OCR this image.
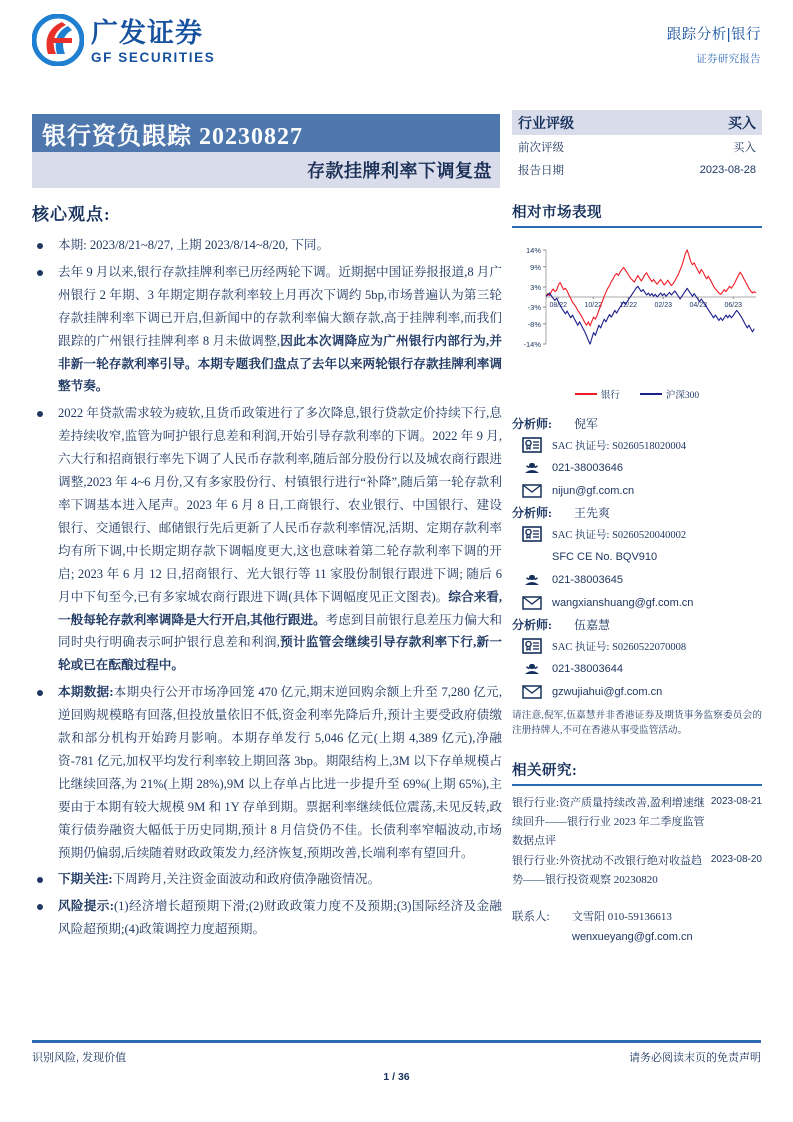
广发证券
GF SECURITIES
跟踪分析|银行
证券研究报告
银行资负跟踪 20230827
存款挂牌利率下调复盘
核心观点:
本期: 2023/8/21~8/27, 上期 2023/8/14~8/20, 下同。
去年 9 月以来,银行存款挂牌利率已历经两轮下调。近期据中国证券报报道,8 月广州银行 2 年期、3 年期定期存款利率较上月再次下调约 5bp,市场普遍认为第三轮存款挂牌利率下调已开启,但新闻中的存款利率偏大额存款,高于挂牌利率,而我们跟踪的广州银行挂牌利率 8 月未做调整,因此本次调降应为广州银行内部行为,并非新一轮存款利率引导。本期专题我们盘点了去年以来两轮银行存款挂牌利率调整节奏。
2022 年贷款需求较为疲软,且货币政策进行了多次降息,银行贷款定价持续下行,息差持续收窄,监管为呵护银行息差和利润,开始引导存款利率的下调。2022 年 9 月,六大行和招商银行率先下调了人民币存款利率,随后部分股份行以及城农商行跟进调整,2023 年 4~6 月份,又有多家股份行、村镇银行进行“补降”,随后第一轮存款利率下调基本进入尾声。2023 年 6 月 8 日,工商银行、农业银行、中国银行、建设银行、交通银行、邮储银行先后更新了人民币存款利率情况,活期、定期存款利率均有所下调,中长期定期存款下调幅度更大,这也意味着第二轮存款利率下调的开启; 2023 年 6 月 12 日,招商银行、光大银行等 11 家股份制银行跟进下调; 随后 6 月中下旬至今,已有多家城农商行跟进下调(具体下调幅度见正文图表)。综合来看,一般每轮存款利率调降是大行开启,其他行跟进。考虑到目前银行息差压力偏大和同时央行明确表示呵护银行息差和利润,预计监管会继续引导存款利率下行,新一轮或已在酝酿过程中。
本期数据:本期央行公开市场净回笼 470 亿元,期末逆回购余额上升至 7,280 亿元,逆回购规模略有回落,但投放量依旧不低,资金利率先降后升,预计主要受政府债缴款和部分机构开始跨月影响。本期存单发行 5,046 亿元(上期 4,389 亿元),净融资-781 亿元,加权平均发行利率较上期回落 3bp。期限结构上,3M 以下存单规模占比继续回落,为 21%(上期 28%),9M 以上存单占比进一步提升至 69%(上期 65%),主要由于本期有较大规模 9M 和 1Y 存单到期。票据利率继续低位震荡,未见反转,政策行债券融资大幅低于历史同期,预计 8 月信贷仍不佳。长债利率窄幅波动,市场预期仍偏弱,后续随着财政政策发力,经济恢复,预期改善,长端利率有望回升。
下期关注:下周跨月,关注资金面波动和政府债净融资情况。
风险提示:(1)经济增长超预期下滑;(2)财政政策力度不及预期;(3)国际经济及金融风险超预期;(4)政策调控力度超预期。
行业评级	买入
前次评级	买入
报告日期	2023-08-28
相对市场表现
14%
9%
3%
-3%
-8%
-14%
08/22 10/22 12/22 02/23 04/23 06/23
银行	沪深300
分析师:	倪军
SAC 执证号: S0260518020004
021-38003646
nijun@gf.com.cn
分析师:	王先爽
SAC 执证号: S0260520040002
SFC CE No. BQV910
021-38003645
wangxianshuang@gf.com.cn
分析师:	伍嘉慧
SAC 执证号: S0260522070008
021-38003644
gzwujiahui@gf.com.cn
请注意,倪军,伍嘉慧并非香港证券及期货事务监察委员会的注册持牌人,不可在香港从事受监管活动。
相关研究:
银行行业:资产质量持续改善,盈利增速继续回升——银行行业 2023 年二季度监管数据点评
2023-08-21
银行行业:外资扰动不改银行绝对收益趋势——银行投资观察 20230820
2023-08-20
联系人:	文雪阳 010-59136613
wenxueyang@gf.com.cn
识别风险, 发现价值	请务必阅读末页的免责声明
1 / 36
